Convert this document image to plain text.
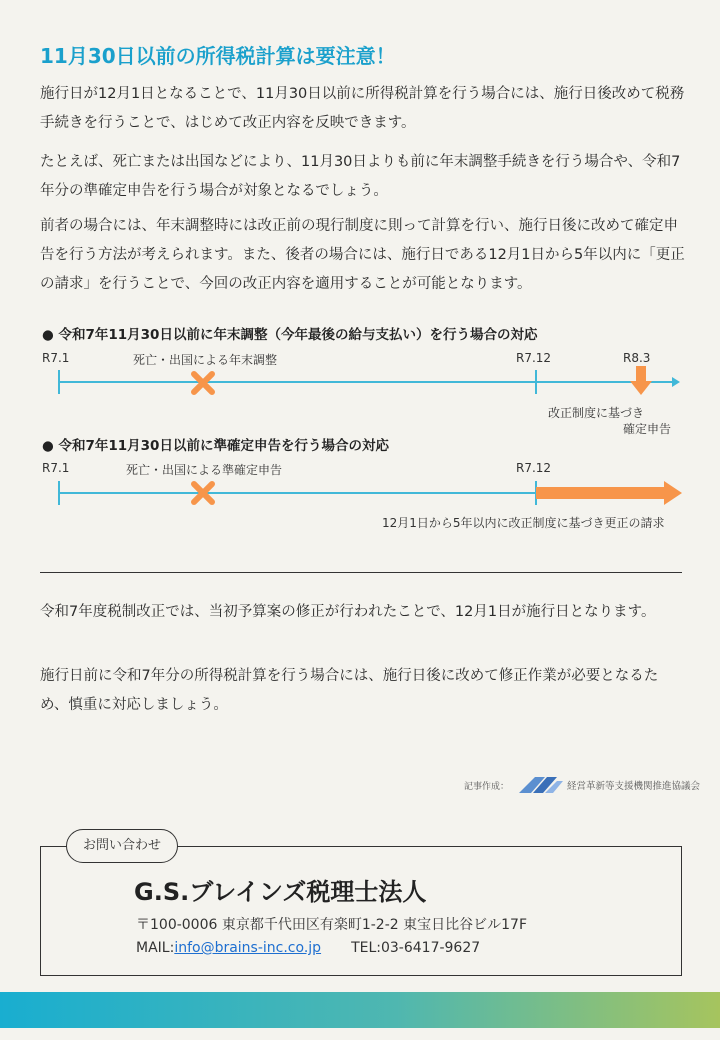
11月30日以前の所得税計算は要注意！

施行日が12月1日となることで、11月30日以前に所得税計算を行う場合には、施行日後改めて税務手続きを行うことで、はじめて改正内容を反映できます。

たとえば、死亡または出国などにより、11月30日よりも前に年末調整手続きを行う場合や、令和7年分の準確定申告を行う場合が対象となるでしょう。

前者の場合には、年末調整時には改正前の現行制度に則って計算を行い、施行日後に改めて確定申告を行う方法が考えられます。また、後者の場合には、施行日である12月1日から5年以内に「更正の請求」を行うことで、今回の改正内容を適用することが可能となります。

● 令和7年11月30日以前に年末調整（今年最後の給与支払い）を行う場合の対応
R7.1	死亡・出国による年末調整	R7.12	R8.3
改正制度に基づき
確定申告
● 令和7年11月30日以前に準確定申告を行う場合の対応
R7.1	死亡・出国による準確定申告	R7.12
12月1日から5年以内に改正制度に基づき更正の請求

令和7年度税制改正では、当初予算案の修正が行われたことで、12月1日が施行日となります。

施行日前に令和7年分の所得税計算を行う場合には、施行日後に改めて修正作業が必要となるため、慎重に対応しましょう。

記事作成：	経営革新等支援機関推進協議会
お問い合わせ
G.S.ブレインズ税理士法人
〒100-0006 東京都千代田区有楽町1-2-2 東宝日比谷ビル17F
MAIL:info@brains-inc.co.jp TEL:03-6417-9627
